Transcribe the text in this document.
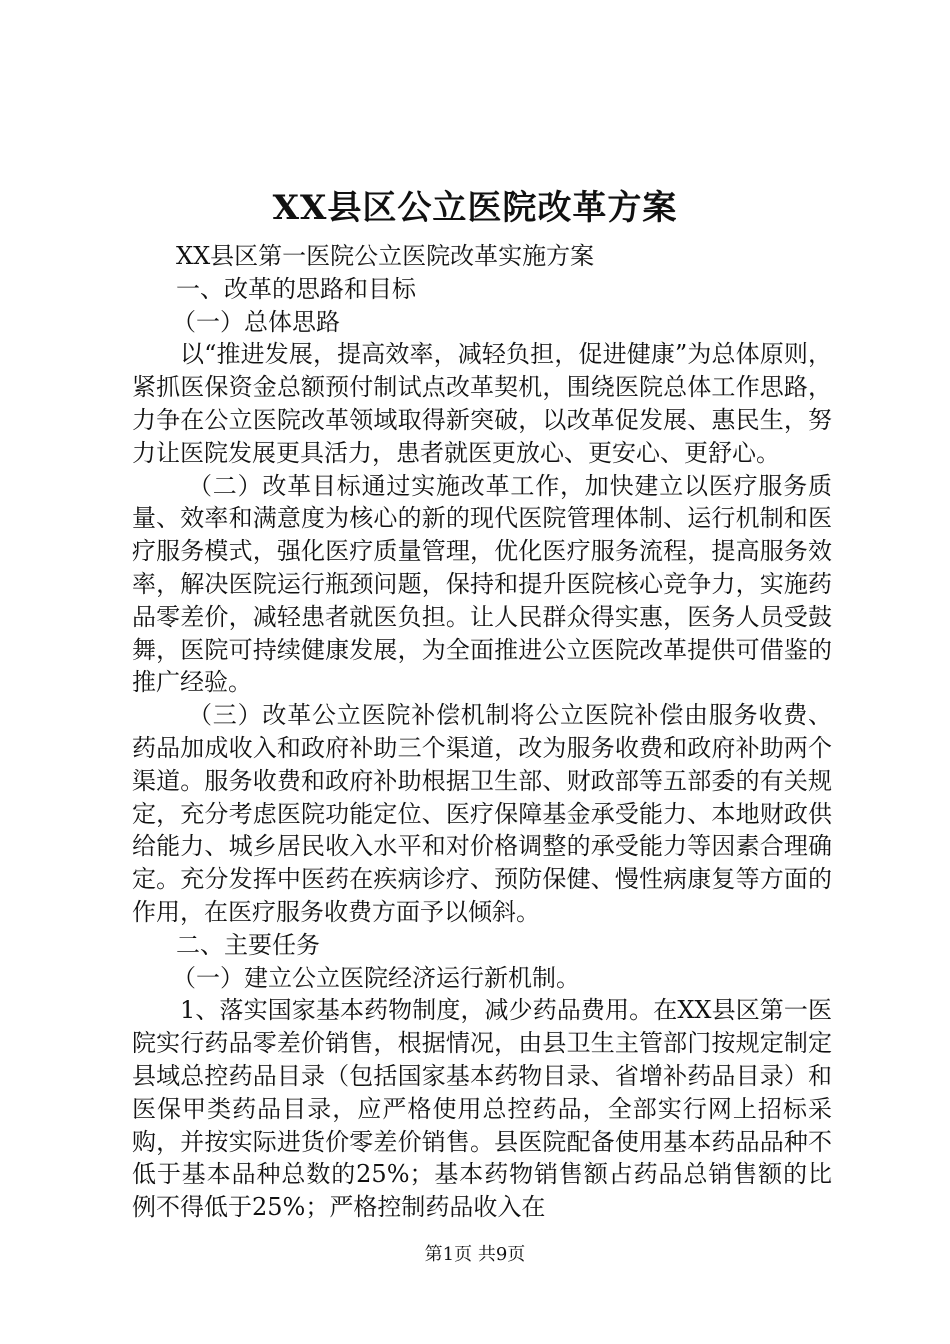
XX县区公立医院改革方案

XX县区第一医院公立医院改革实施方案

一、改革的思路和目标

（一）总体思路

以“推进发展，提高效率，减轻负担，促进健康”为总体原则，紧抓医保资金总额预付制试点改革契机，围绕医院总体工作思路，力争在公立医院改革领域取得新突破，以改革促发展、惠民生，努力让医院发展更具活力，患者就医更放心、更安心、更舒心。

（二）改革目标通过实施改革工作，加快建立以医疗服务质量、效率和满意度为核心的新的现代医院管理体制、运行机制和医疗服务模式，强化医疗质量管理，优化医疗服务流程，提高服务效率，解决医院运行瓶颈问题，保持和提升医院核心竞争力，实施药品零差价，减轻患者就医负担。让人民群众得实惠，医务人员受鼓舞，医院可持续健康发展，为全面推进公立医院改革提供可借鉴的推广经验。

（三）改革公立医院补偿机制将公立医院补偿由服务收费、药品加成收入和政府补助三个渠道，改为服务收费和政府补助两个渠道。服务收费和政府补助根据卫生部、财政部等五部委的有关规定，充分考虑医院功能定位、医疗保障基金承受能力、本地财政供给能力、城乡居民收入水平和对价格调整的承受能力等因素合理确定。充分发挥中医药在疾病诊疗、预防保健、慢性病康复等方面的作用，在医疗服务收费方面予以倾斜。

二、主要任务

（一）建立公立医院经济运行新机制。

1、落实国家基本药物制度，减少药品费用。在XX县区第一医院实行药品零差价销售，根据情况，由县卫生主管部门按规定制定县域总控药品目录（包括国家基本药物目录、省增补药品目录）和医保甲类药品目录，应严格使用总控药品，全部实行网上招标采购，并按实际进货价零差价销售。县医院配备使用基本药品品种不低于基本品种总数的25%；基本药物销售额占药品总销售额的比例不得低于25%；严格控制药品收入在

第1页 共9页
